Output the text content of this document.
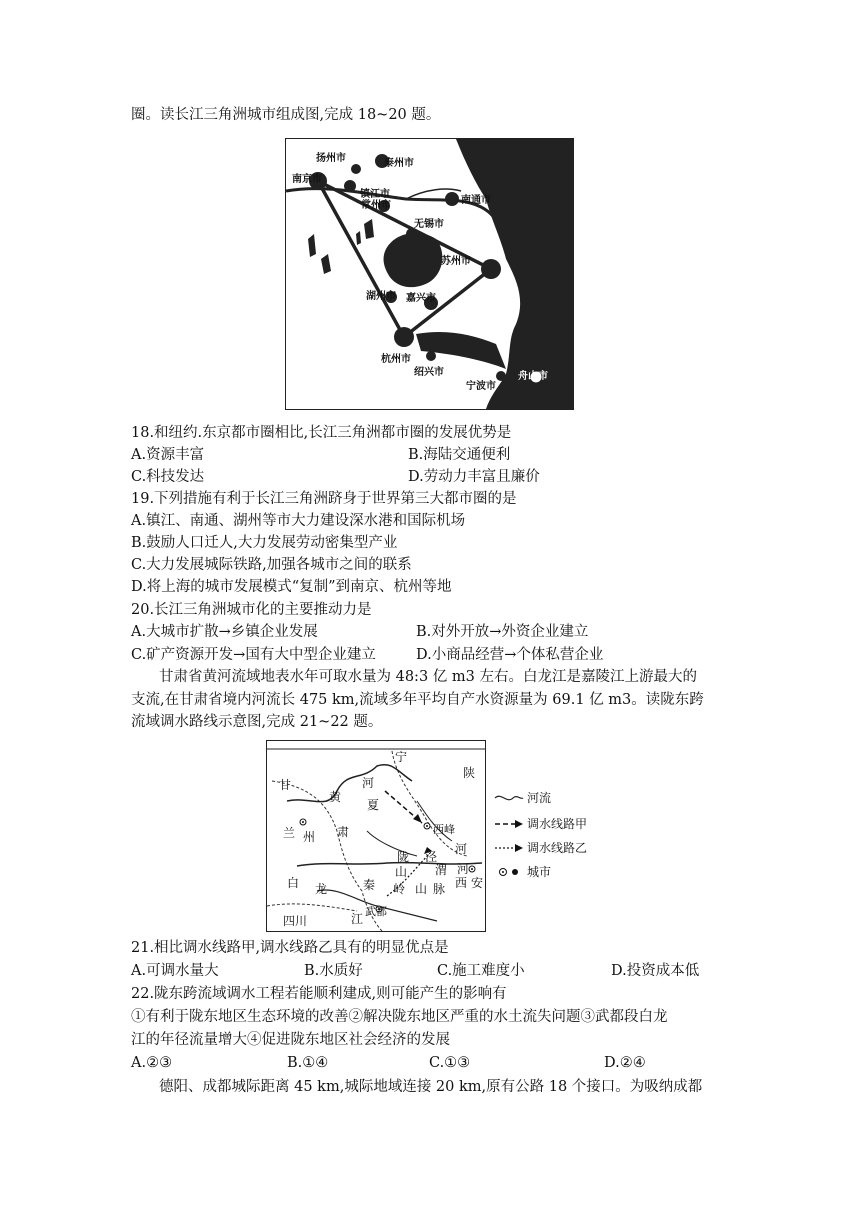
圈。读长江三角洲城市组成图,完成 18~20 题。
扬州市	泰州市
南京市
镇江市
常州市	南通市
无锡市
苏州市
上海市
湖州市 嘉兴市
杭州市
绍兴市
宁波市
舟山市
18.和纽约.东京都市圈相比,长江三角洲都市圈的发展优势是
A.资源丰富	B.海陆交通便利
C.科技发达	D.劳动力丰富且廉价
19.下列措施有利于长江三角洲跻身于世界第三大都市圈的是
A.镇江、南通、湖州等市大力建设深水港和国际机场
B.鼓励人口迁人,大力发展劳动密集型产业
C.大力发展城际铁路,加强各城市之间的联系
D.将上海的城市发展模式“复制”到南京、杭州等地
20.长江三角洲城市化的主要推动力是
A.大城市扩散→乡镇企业发展	B.对外开放→外资企业建立
C.矿产资源开发→国有大中型企业建立	D.小商品经营→个体私营企业
甘肃省黄河流域地表水年可取水量为 48:3 亿 m3 左右。白龙江是嘉陵江上游最大的
支流,在甘肃省境内河流长 475 km,流域多年平均自产水资源量为 69.1 亿 m3。读陇东跨
流域调水路线示意图,完成 21~22 题。
甘
黄
河
宁
夏
陕
兰 州 肃	西峰
陇 泾
山 渭 河
白 龙	秦 岭 山 脉
河
西 安
武都
江
四川
河流
调水线路甲
调水线路乙
城市
21.相比调水线路甲,调水线路乙具有的明显优点是
A.可调水量大	B.水质好	C.施工难度小	D.投资成本低
22.陇东跨流域调水工程若能顺利建成,则可能产生的影响有
①有利于陇东地区生态环境的改善②解决陇东地区严重的水土流失问题③武都段白龙
江的年径流量增大④促进陇东地区社会经济的发展
A.②③	B.①④	C.①③	D.②④
德阳、成都城际距离 45 km,城际地域连接 20 km,原有公路 18 个接口。为吸纳成都
